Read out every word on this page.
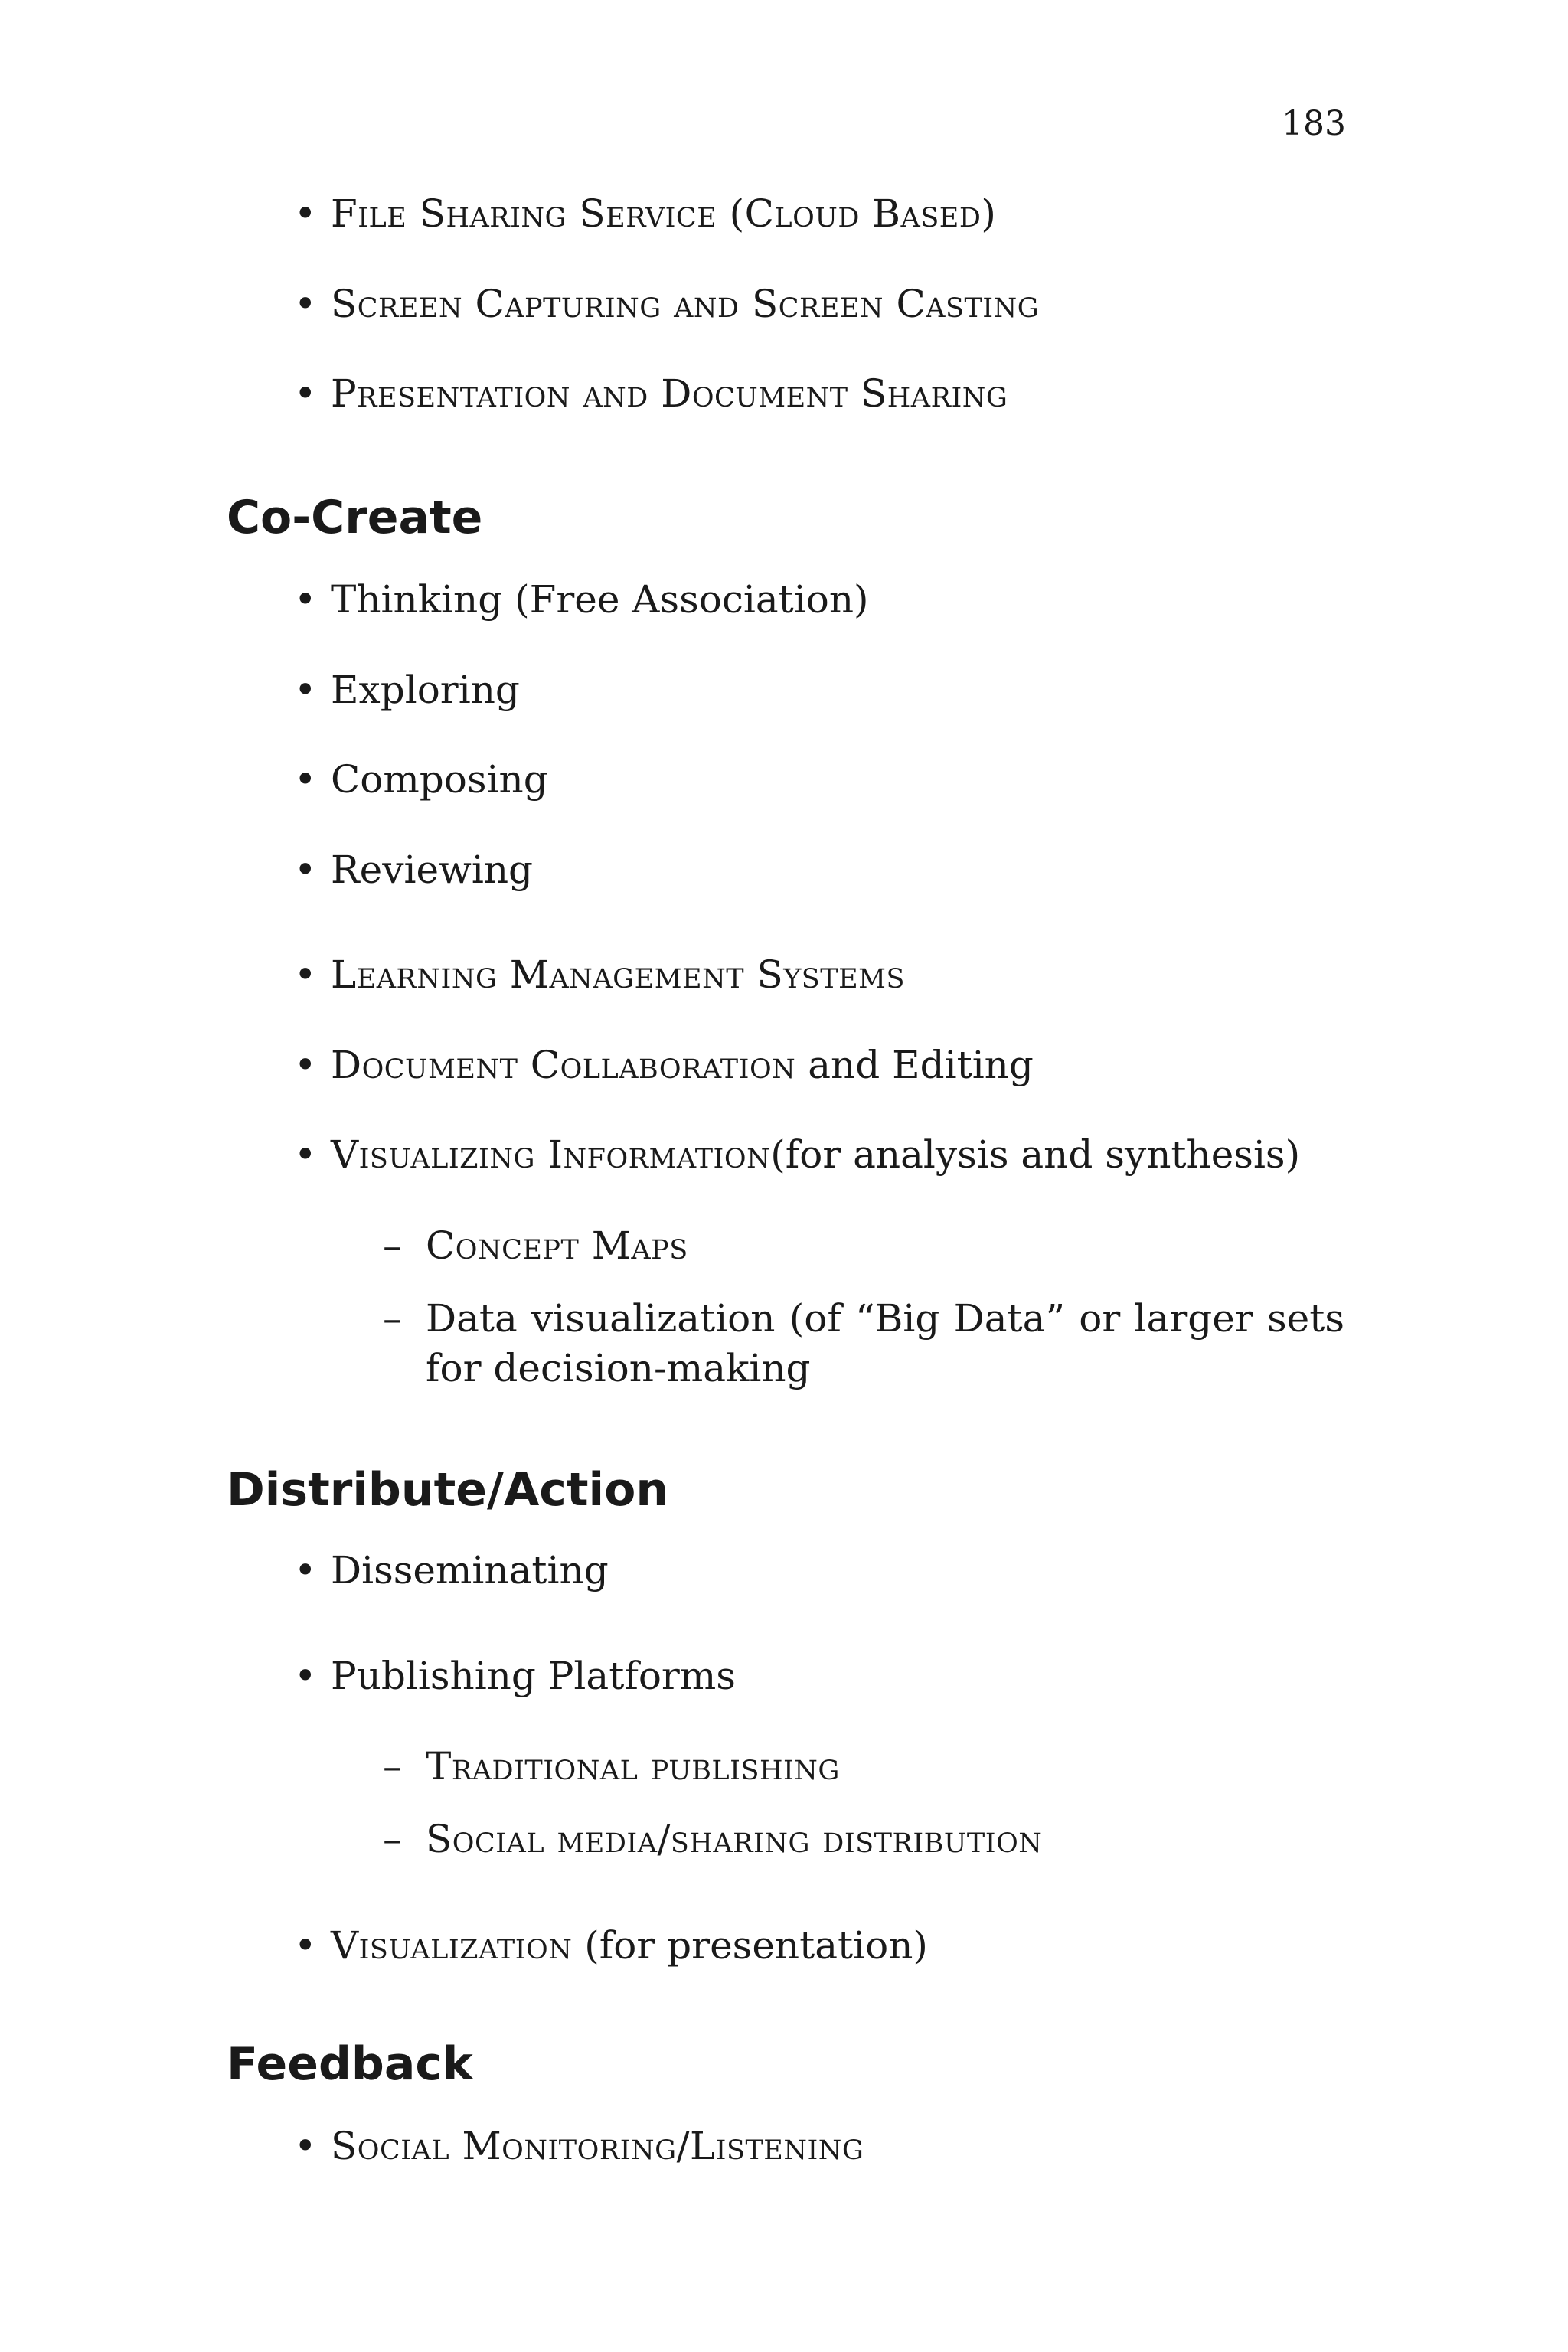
183
• File Sharing Service (Cloud Based)
• Screen Capturing and Screen Casting
• Presentation and Document Sharing
Co-Create
• Thinking (Free Association)
• Exploring
• Composing
• Reviewing
• Learning Management Systems
• Document Collaboration and Editing
• Visualizing Information(for analysis and synthesis)
– Concept Maps
– Data visualization (of “Big Data” or larger sets for decision-making
Distribute/Action
• Disseminating
• Publishing Platforms
– Traditional publishing
– Social media/sharing distribution
• Visualization (for presentation)
Feedback
• Social Monitoring/Listening
